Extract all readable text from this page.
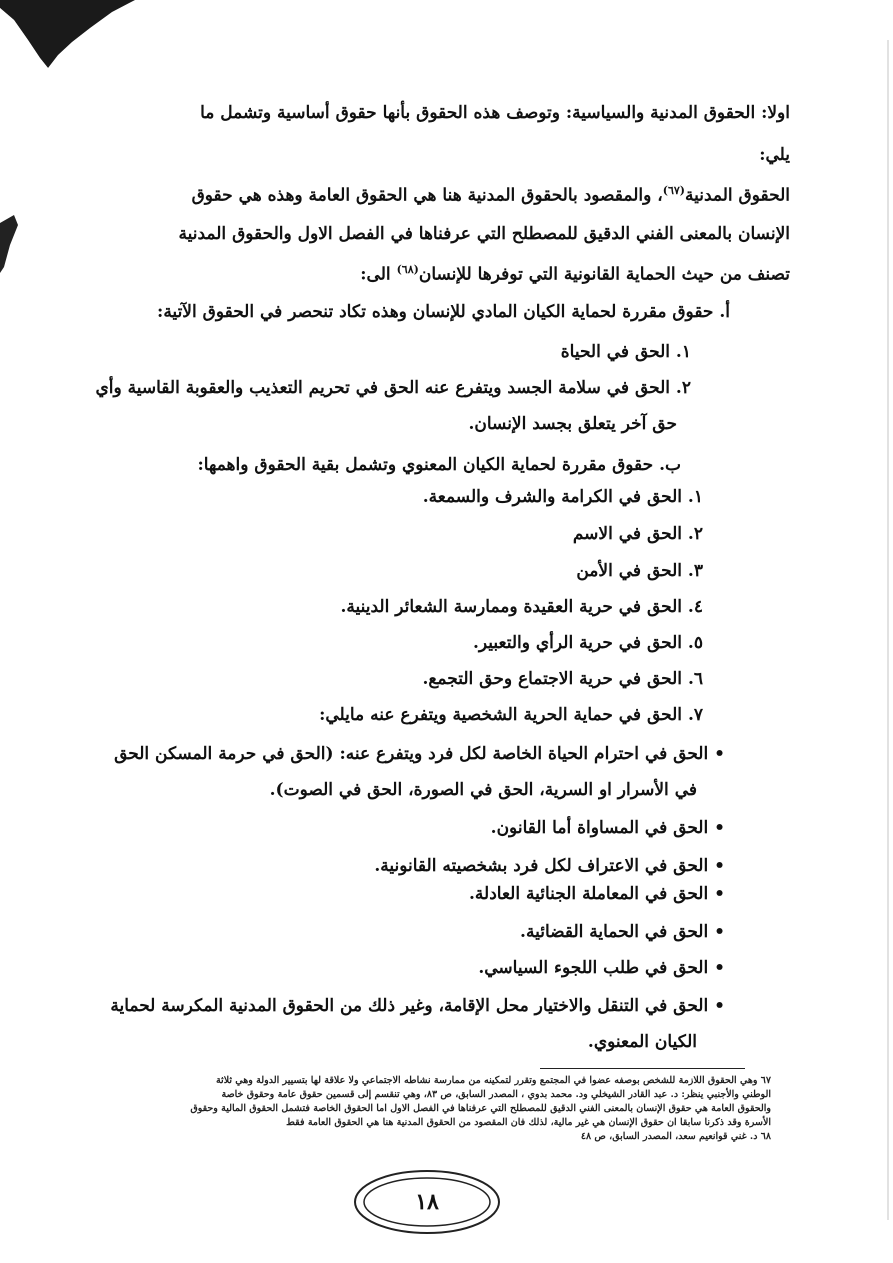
اولا: الحقوق المدنية والسياسية: وتوصف هذه الحقوق بأنها حقوق أساسية وتشمل ما

يلي:

الحقوق المدنية$^{(٦٧)}$، والمقصود بالحقوق المدنية هنا هي الحقوق العامة وهذه هي حقوق

الإنسان بالمعنى الفني الدقيق للمصطلح التي عرفناها في الفصل الاول والحقوق المدنية

تصنف من حيث الحماية القانونية التي توفرها للإنسان$^{(٦٨)}$ الى:

أ. حقوق مقررة لحماية الكيان المادي للإنسان وهذه تكاد تنحصر في الحقوق الآتية:

١. الحق في الحياة

٢. الحق في سلامة الجسد ويتفرع عنه الحق في تحريم التعذيب والعقوبة القاسية وأي

حق آخر يتعلق بجسد الإنسان.

ب. حقوق مقررة لحماية الكيان المعنوي وتشمل بقية الحقوق واهمها:

١. الحق في الكرامة والشرف والسمعة.

٢. الحق في الاسم

٣. الحق في الأمن

٤. الحق في حرية العقيدة وممارسة الشعائر الدينية.

٥. الحق في حرية الرأي والتعبير.

٦. الحق في حرية الاجتماع وحق التجمع.

٧. الحق في حماية الحرية الشخصية ويتفرع عنه مايلي:

• الحق في احترام الحياة الخاصة لكل فرد ويتفرع عنه: (الحق في حرمة المسكن الحق

في الأسرار او السرية، الحق في الصورة، الحق في الصوت).

• الحق في المساواة أما القانون.

• الحق في الاعتراف لكل فرد بشخصيته القانونية.

• الحق في المعاملة الجنائية العادلة.

• الحق في الحماية القضائية.

• الحق في طلب اللجوء السياسي.

• الحق في التنقل والاختيار محل الإقامة، وغير ذلك من الحقوق المدنية المكرسة لحماية

الكيان المعنوي.

٦٧ وهي الحقوق اللازمة للشخص بوصفه عضوا في المجتمع وتقرر لتمكينه من ممارسة نشاطه الاجتماعي ولا علاقة لها بتسيير الدولة وهي ثلاثة

الوطني والأجنبي ينظر: د. عبد القادر الشيخلي ود. محمد بدوي ، المصدر السابق، ص ٨٣، وهي تنقسم إلى قسمين حقوق عامة وحقوق خاصة

والحقوق العامة هي حقوق الإنسان بالمعنى الفني الدقيق للمصطلح التي عرفناها في الفصل الاول اما الحقوق الخاصة فتشمل الحقوق المالية وحقوق

الأسرة وقد ذكرنا سابقا ان حقوق الإنسان هي غير مالية، لذلك فان المقصود من الحقوق المدنية هنا هي الحقوق العامة فقط

٦٨ د. غني قوانعيم سعد، المصدر السابق، ص ٤٨

١٨
